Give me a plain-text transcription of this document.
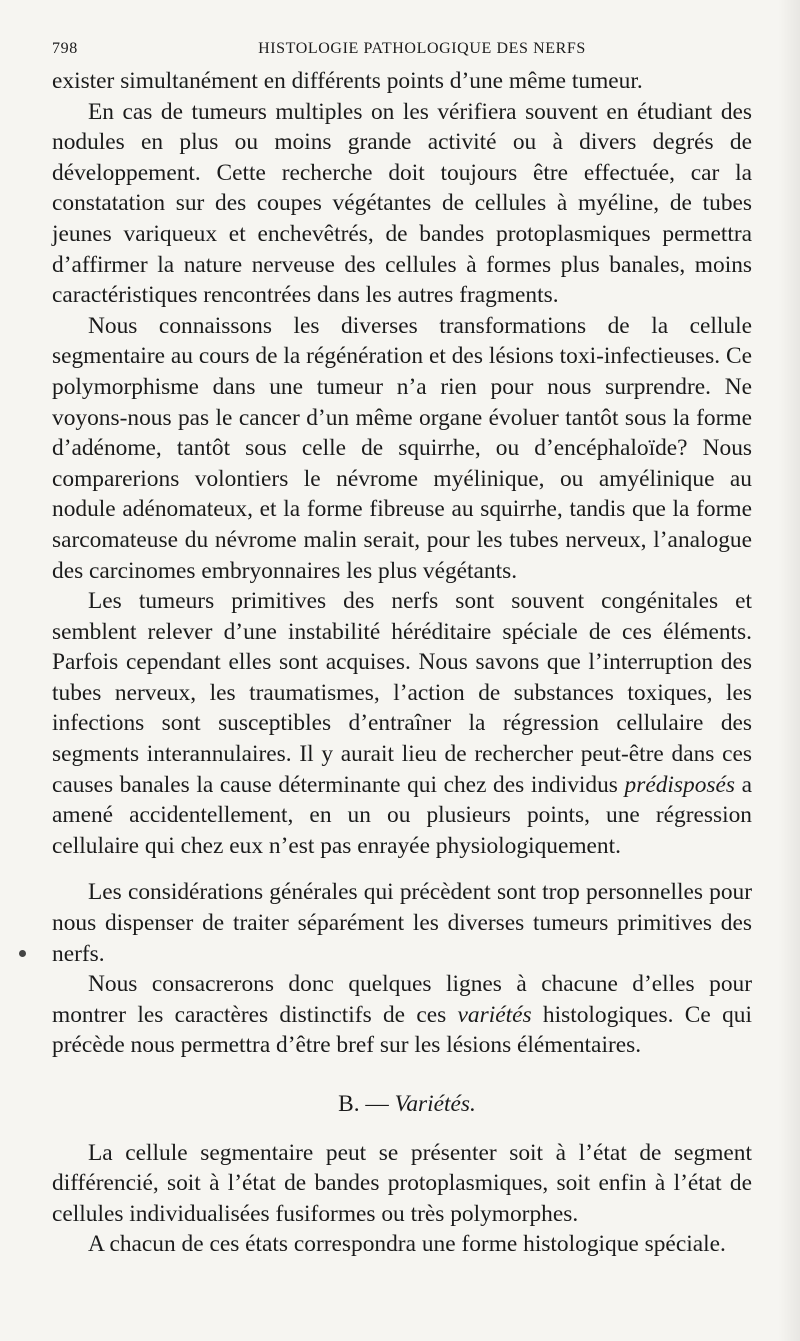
798	HISTOLOGIE PATHOLOGIQUE DES NERFS

exister simultanément en différents points d’une même tumeur.

En cas de tumeurs multiples on les vérifiera souvent en étudiant des nodules en plus ou moins grande activité ou à divers degrés de développement. Cette recherche doit toujours être effectuée, car la constatation sur des coupes végétantes de cellules à myéline, de tubes jeunes variqueux et enchevêtrés, de bandes protoplasmiques permettra d’affirmer la nature nerveuse des cellules à formes plus banales, moins caractéristiques rencontrées dans les autres fragments.

Nous connaissons les diverses transformations de la cellule segmentaire au cours de la régénération et des lésions toxi-infectieuses. Ce polymorphisme dans une tumeur n’a rien pour nous surprendre. Ne voyons-nous pas le cancer d’un même organe évoluer tantôt sous la forme d’adénome, tantôt sous celle de squirrhe, ou d’encéphaloïde? Nous comparerions volontiers le névrome myélinique, ou amyélinique au nodule adénomateux, et la forme fibreuse au squirrhe, tandis que la forme sarcomateuse du névrome malin serait, pour les tubes nerveux, l’analogue des carcinomes embryonnaires les plus végétants.

Les tumeurs primitives des nerfs sont souvent congénitales et semblent relever d’une instabilité héréditaire spéciale de ces éléments. Parfois cependant elles sont acquises. Nous savons que l’interruption des tubes nerveux, les traumatismes, l’action de substances toxiques, les infections sont susceptibles d’entraîner la régression cellulaire des segments interannulaires. Il y aurait lieu de rechercher peut-être dans ces causes banales la cause déterminante qui chez des individus prédisposés a amené accidentellement, en un ou plusieurs points, une régression cellulaire qui chez eux n’est pas enrayée physiologiquement.

Les considérations générales qui précèdent sont trop personnelles pour nous dispenser de traiter séparément les diverses tumeurs primitives des nerfs.

Nous consacrerons donc quelques lignes à chacune d’elles pour montrer les caractères distinctifs de ces variétés histologiques. Ce qui précède nous permettra d’être bref sur les lésions élémentaires.

B. — Variétés.

La cellule segmentaire peut se présenter soit à l’état de segment différencié, soit à l’état de bandes protoplasmiques, soit enfin à l’état de cellules individualisées fusiformes ou très polymorphes.

A chacun de ces états correspondra une forme histologique spéciale.
